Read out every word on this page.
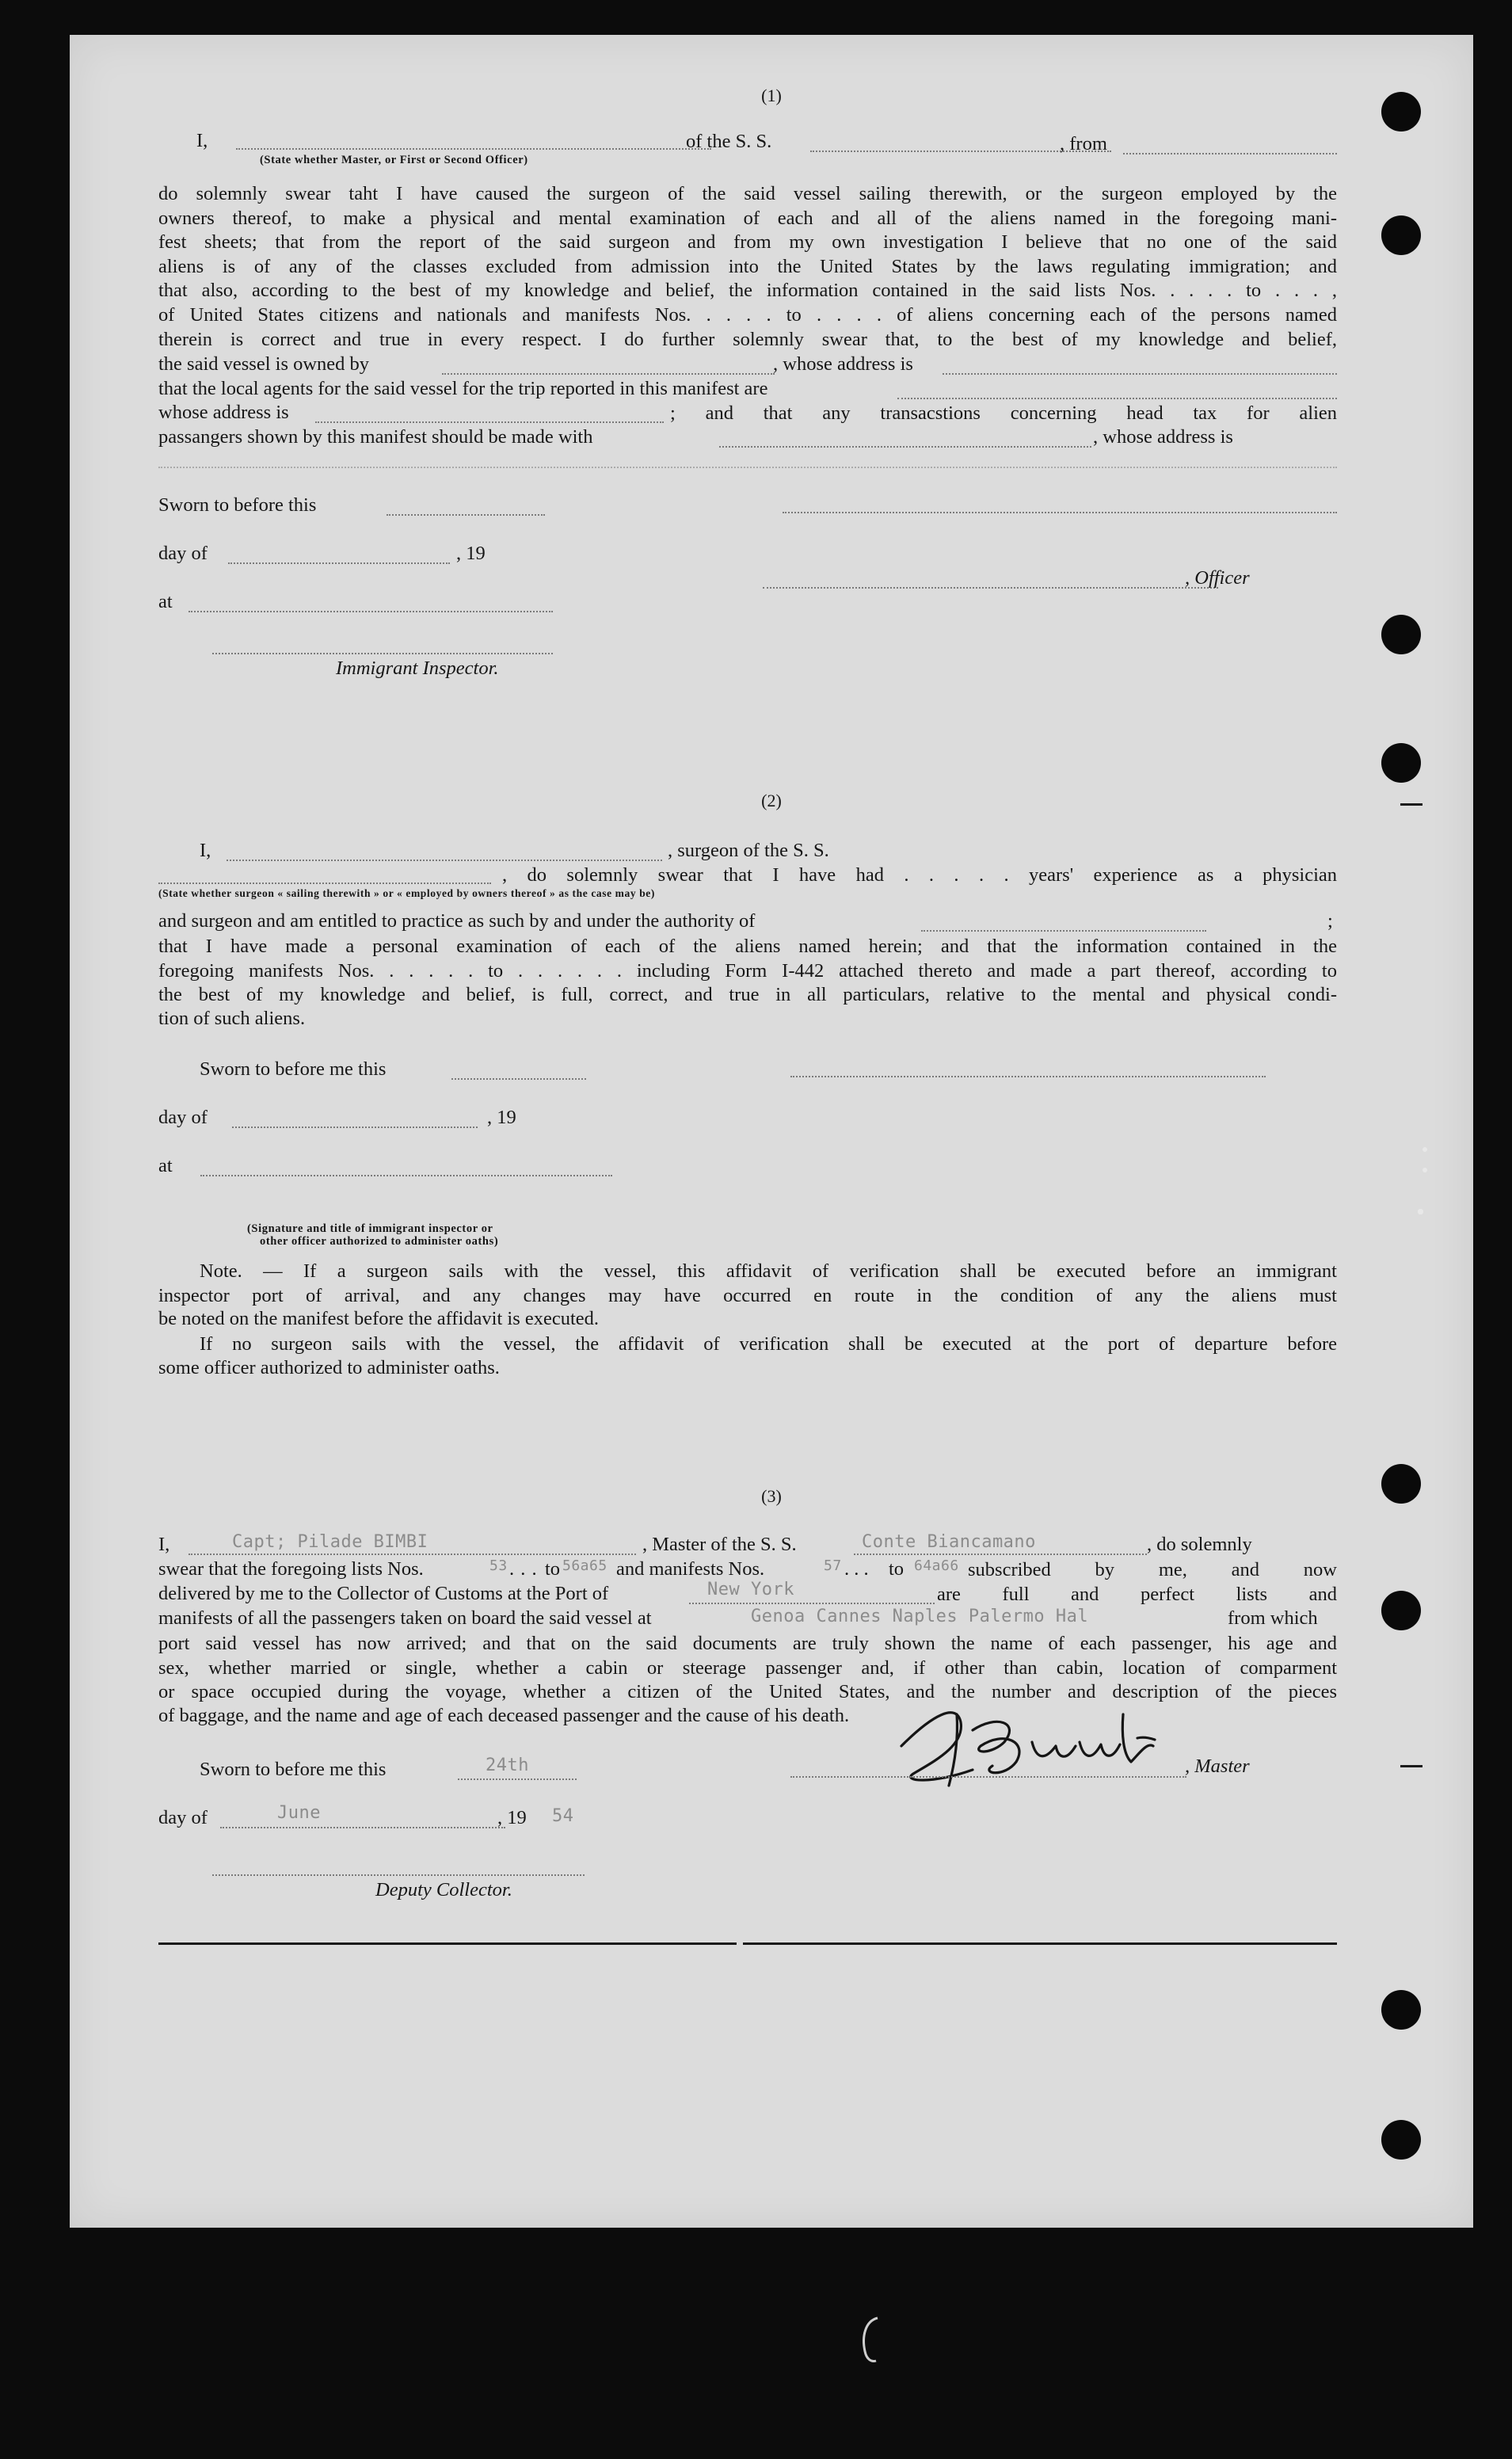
(1)
I,
(State whether Master, or First or Second Officer)
of the S. S.	, from
do solemnly swear taht I have caused the surgeon of the said vessel sailing therewith, or the surgeon employed by the
owners thereof, to make a physical and mental examination of each and all of the aliens named in the foregoing mani-
fest sheets; that from the report of the said surgeon and from my own investigation I believe that no one of the said
aliens is of any of the classes excluded from admission into the United States by the laws regulating immigration; and
that also, according to the best of my knowledge and belief, the information contained in the said lists Nos. . . . . to . . . ,
of United States citizens and nationals and manifests Nos. . . . . to . . . . of aliens concerning each of the persons named
therein is correct and true in every respect. I do further solemnly swear that, to the best of my knowledge and belief,
the said vessel is owned by	, whose address is
that the local agents for the said vessel for the trip reported in this manifest are
whose address is	; and that any transacstions concerning head tax for alien
passangers shown by this manifest should be made with	, whose address is
Sworn to before this
day of	, 19
, Officer
at
Immigrant Inspector.
(2)
I,	, surgeon of the S. S.
, do solemnly swear that I have had . . . . . years' experience as a physician
(State whether surgeon « sailing therewith » or « employed by owners thereof » as the case may be)
and surgeon and am entitled to practice as such by and under the authority of	;
that I have made a personal examination of each of the aliens named herein; and that the information contained in the
foregoing manifests Nos. . . . . . to . . . . . . including Form I-442 attached thereto and made a part thereof, according to
the best of my knowledge and belief, is full, correct, and true in all particulars, relative to the mental and physical condi-
tion of such aliens.
Sworn to before me this
day of	, 19
at
(Signature and title of immigrant inspector or
other officer authorized to administer oaths)
Note. — If a surgeon sails with the vessel, this affidavit of verification shall be executed before an immigrant
inspector port of arrival, and any changes may have occurred en route in the condition of any the aliens must
be noted on the manifest before the affidavit is executed.
If no surgeon sails with the vessel, the affidavit of verification shall be executed at the port of departure before
some officer authorized to administer oaths.
(3)
I,	Capt; Pilade BIMBI	, Master of the S. S.	Conte Biancamano	, do solemnly
swear that the foregoing lists Nos.	53 . . . to 56a65 and manifests Nos.	57 . . . to 64a66 subscribed by me, and now
delivered by me to the Collector of Customs at the Port of	New York	are full and perfect lists and
manifests of all the passengers taken on board the said vessel at	Genoa Cannes Naples Palermo Hal	from which
port said vessel has now arrived; and that on the said documents are truly shown the name of each passenger, his age and
sex, whether married or single, whether a cabin or steerage passenger and, if other than cabin, location of comparment
or space occupied during the voyage, whether a citizen of the United States, and the number and description of the pieces
of baggage, and the name and age of each deceased passenger and the cause of his death.
Sworn to before me this	24th	, Master
day of	June	, 19 54
Deputy Collector.
